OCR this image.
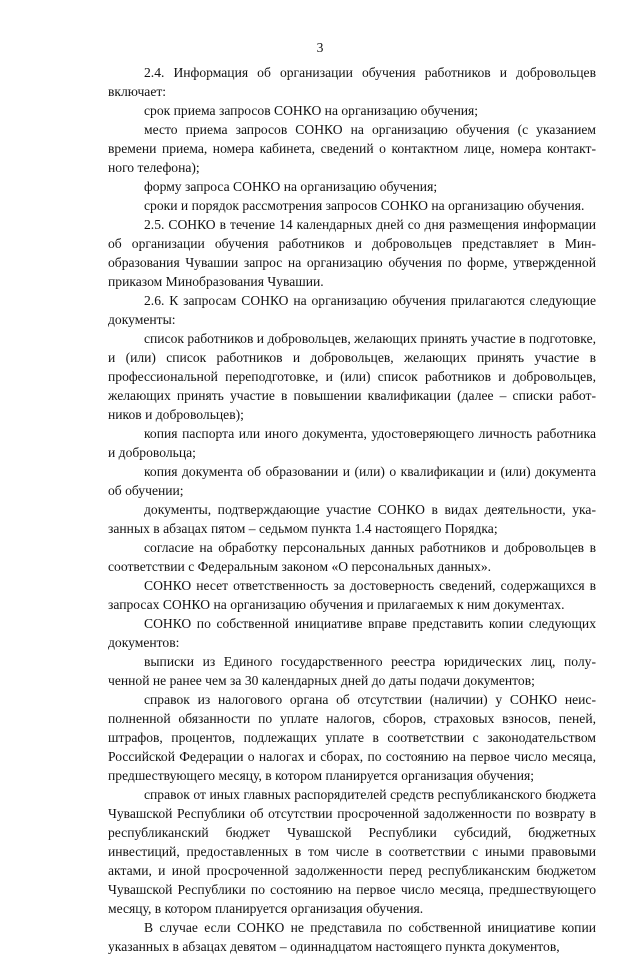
3

2.4. Информация об организации обучения работников и добровольцев включает:

срок приема запросов СОНКО на организацию обучения;

место приема запросов СОНКО на организацию обучения (с указанием времени приема, номера кабинета, сведений о контактном лице, номера контактного телефона);

форму запроса СОНКО на организацию обучения;

сроки и порядок рассмотрения запросов СОНКО на организацию обучения.

2.5. СОНКО в течение 14 календарных дней со дня размещения информации об организации обучения работников и добровольцев представляет в Минобразования Чувашии запрос на организацию обучения по форме, утвержденной приказом Минобразования Чувашии.

2.6. К запросам СОНКО на организацию обучения прилагаются следующие документы:

список работников и добровольцев, желающих принять участие в подготовке, и (или) список работников и добровольцев, желающих принять участие в профессиональной переподготовке, и (или) список работников и добровольцев, желающих принять участие в повышении квалификации (далее – списки работников и добровольцев);

копия паспорта или иного документа, удостоверяющего личность работника и добровольца;

копия документа об образовании и (или) о квалификации и (или) документа об обучении;

документы, подтверждающие участие СОНКО в видах деятельности, указанных в абзацах пятом – седьмом пункта 1.4 настоящего Порядка;

согласие на обработку персональных данных работников и добровольцев в соответствии с Федеральным законом «О персональных данных».

СОНКО несет ответственность за достоверность сведений, содержащихся в запросах СОНКО на организацию обучения и прилагаемых к ним документах.

СОНКО по собственной инициативе вправе представить копии следующих документов:

выписки из Единого государственного реестра юридических лиц, полученной не ранее чем за 30 календарных дней до даты подачи документов;

справок из налогового органа об отсутствии (наличии) у СОНКО неисполненной обязанности по уплате налогов, сборов, страховых взносов, пеней, штрафов, процентов, подлежащих уплате в соответствии с законодательством Российской Федерации о налогах и сборах, по состоянию на первое число месяца, предшествующего месяцу, в котором планируется организация обучения;

справок от иных главных распорядителей средств республиканского бюджета Чувашской Республики об отсутствии просроченной задолженности по возврату в республиканский бюджет Чувашской Республики субсидий, бюджетных инвестиций, предоставленных в том числе в соответствии с иными правовыми актами, и иной просроченной задолженности перед республиканским бюджетом Чувашской Республики по состоянию на первое число месяца, предшествующего месяцу, в котором планируется организация обучения.

В случае если СОНКО не представила по собственной инициативе копии указанных в абзацах девятом – одиннадцатом настоящего пункта документов,
